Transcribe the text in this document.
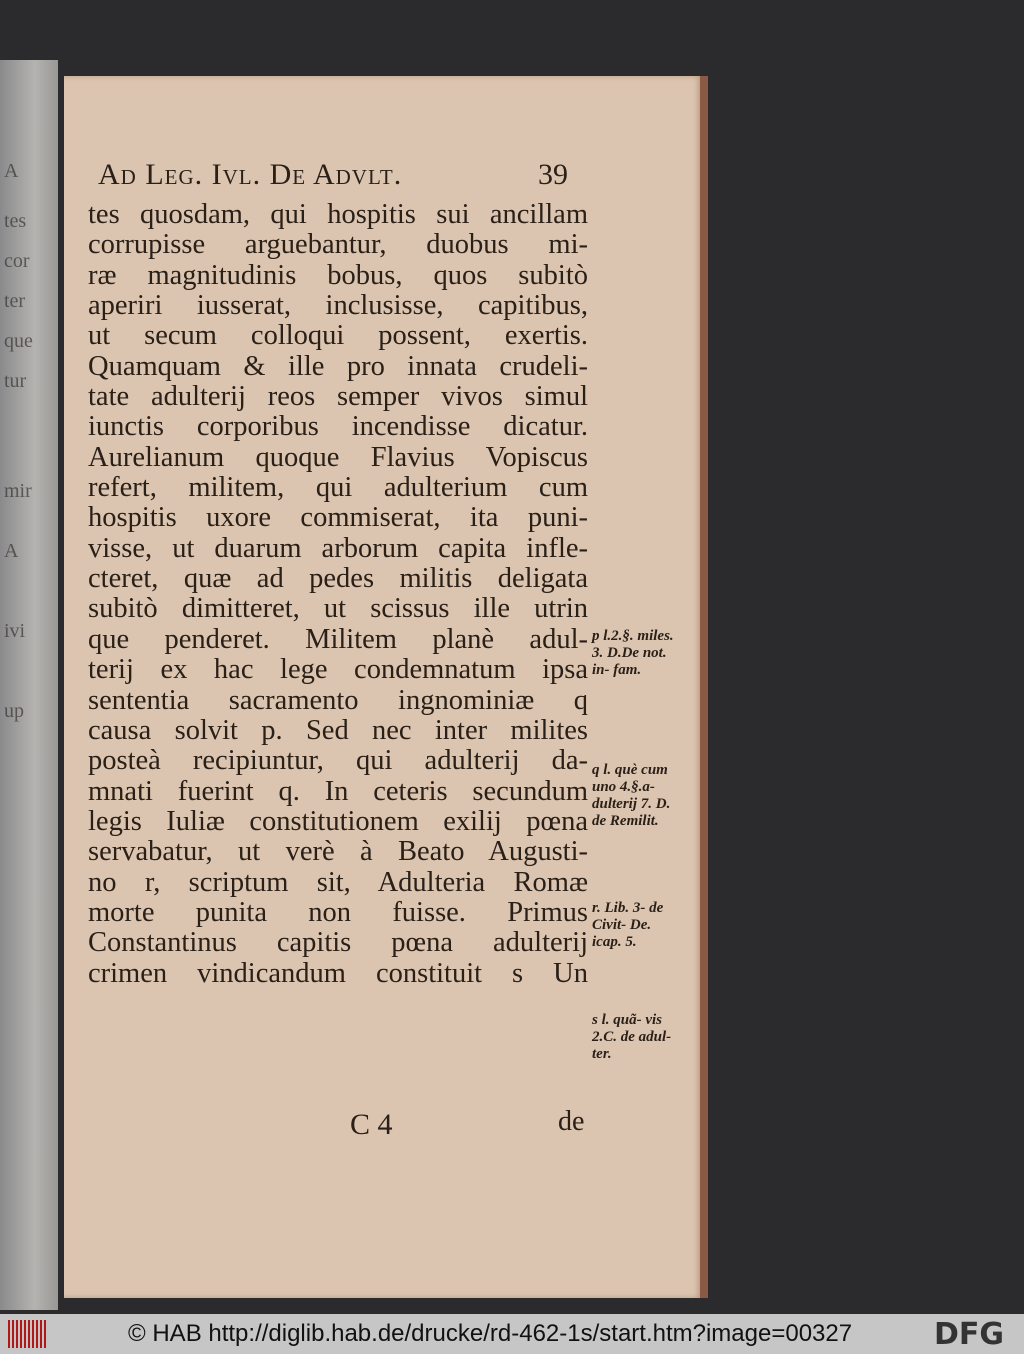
A
tes
cor
ter
que
tur
mir
A
ivi
up
Ad Leg. Ivl. De Advlt.	39
tes quosdam, qui hospitis sui ancillam
corrupisse arguebantur, duobus mi-
ræ magnitudinis bobus, quos subitò
aperiri iusserat, inclusisse, capitibus,
ut secum colloqui possent, exertis.
Quamquam & ille pro innata crudeli-
tate adulterij reos semper vivos simul
iunctis corporibus incendisse dicatur.
Aurelianum quoque Flavius Vopiscus
refert, militem, qui adulterium cum
hospitis uxore commiserat, ita puni-
visse, ut duarum arborum capita infle-
cteret, quæ ad pedes militis deligata
subitò dimitteret, ut scissus ille utrin
que penderet. Militem planè adul-
terij ex hac lege condemnatum ipsa
sententia sacramento ingnominiæ q
causa solvit p. Sed nec inter milites
posteà recipiuntur, qui adulterij da-
mnati fuerint q. In ceteris secundum
legis Iuliæ constitutionem exilij pœna
servabatur, ut verè à Beato Augusti-
no r, scriptum sit, Adulteria Romæ
morte punita non fuisse. Primus
Constantinus capitis pœna adulterij
crimen vindicandum constituit s Un
p l.2.§. miles. 3. D.De not. in- fam.
q l. què cum uno 4.§.a- dulterij 7. D. de Remilit.
r. Lib. 3- de Civit- De. icap. 5.
s l. quã- vis 2.C. de adul- ter.
C 4	de
© HAB http://diglib.hab.de/drucke/rd-462-1s/start.htm?image=00327	DFG
